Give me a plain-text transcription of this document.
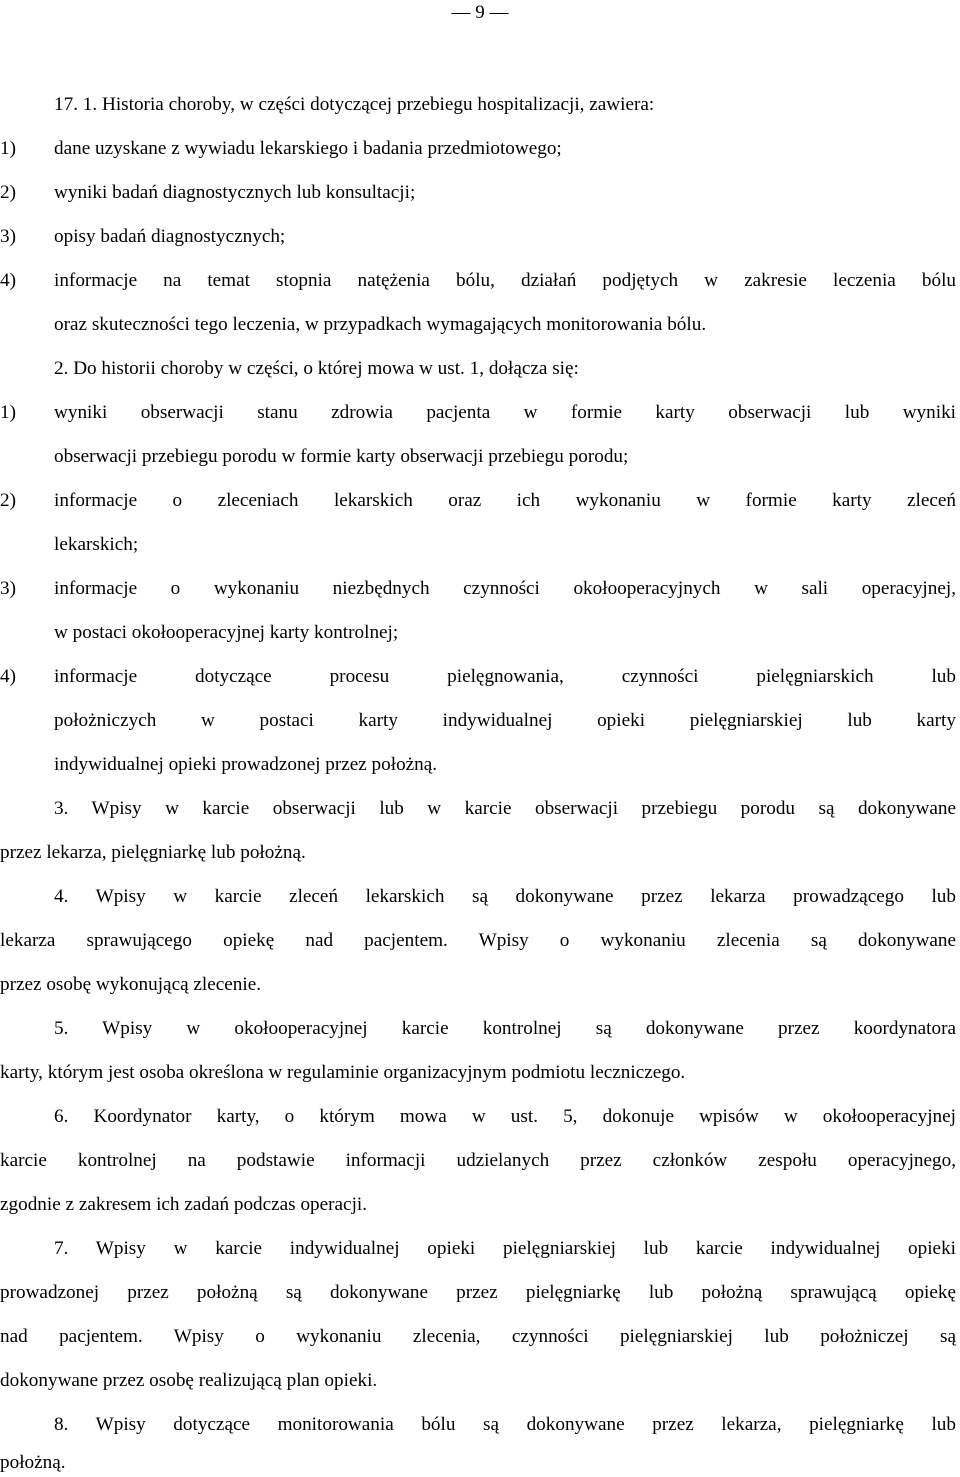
— 9 —
17. 1. Historia choroby, w części dotyczącej przebiegu hospitalizacji, zawiera:
1) dane uzyskane z wywiadu lekarskiego i badania przedmiotowego;
2) wyniki badań diagnostycznych lub konsultacji;
3) opisy badań diagnostycznych;
4) informacje na temat stopnia natężenia bólu, działań podjętych w zakresie leczenia bólu
oraz skuteczności tego leczenia, w przypadkach wymagających monitorowania bólu.
2. Do historii choroby w części, o której mowa w ust. 1, dołącza się:
1) wyniki obserwacji stanu zdrowia pacjenta w formie karty obserwacji lub wyniki
obserwacji przebiegu porodu w formie karty obserwacji przebiegu porodu;
2) informacje o zleceniach lekarskich oraz ich wykonaniu w formie karty zleceń
lekarskich;
3) informacje o wykonaniu niezbędnych czynności okołooperacyjnych w sali operacyjnej,
w postaci okołooperacyjnej karty kontrolnej;
4) informacje dotyczące procesu pielęgnowania, czynności pielęgniarskich lub
położniczych w postaci karty indywidualnej opieki pielęgniarskiej lub karty
indywidualnej opieki prowadzonej przez położną.
3. Wpisy w karcie obserwacji lub w karcie obserwacji przebiegu porodu są dokonywane
przez lekarza, pielęgniarkę lub położną.
4. Wpisy w karcie zleceń lekarskich są dokonywane przez lekarza prowadzącego lub
lekarza sprawującego opiekę nad pacjentem. Wpisy o wykonaniu zlecenia są dokonywane
przez osobę wykonującą zlecenie.
5. Wpisy w okołooperacyjnej karcie kontrolnej są dokonywane przez koordynatora
karty, którym jest osoba określona w regulaminie organizacyjnym podmiotu leczniczego.
6. Koordynator karty, o którym mowa w ust. 5, dokonuje wpisów w okołooperacyjnej
karcie kontrolnej na podstawie informacji udzielanych przez członków zespołu operacyjnego,
zgodnie z zakresem ich zadań podczas operacji.
7. Wpisy w karcie indywidualnej opieki pielęgniarskiej lub karcie indywidualnej opieki
prowadzonej przez położną są dokonywane przez pielęgniarkę lub położną sprawującą opiekę
nad pacjentem. Wpisy o wykonaniu zlecenia, czynności pielęgniarskiej lub położniczej są
dokonywane przez osobę realizującą plan opieki.
8. Wpisy dotyczące monitorowania bólu są dokonywane przez lekarza, pielęgniarkę lub
położną.
